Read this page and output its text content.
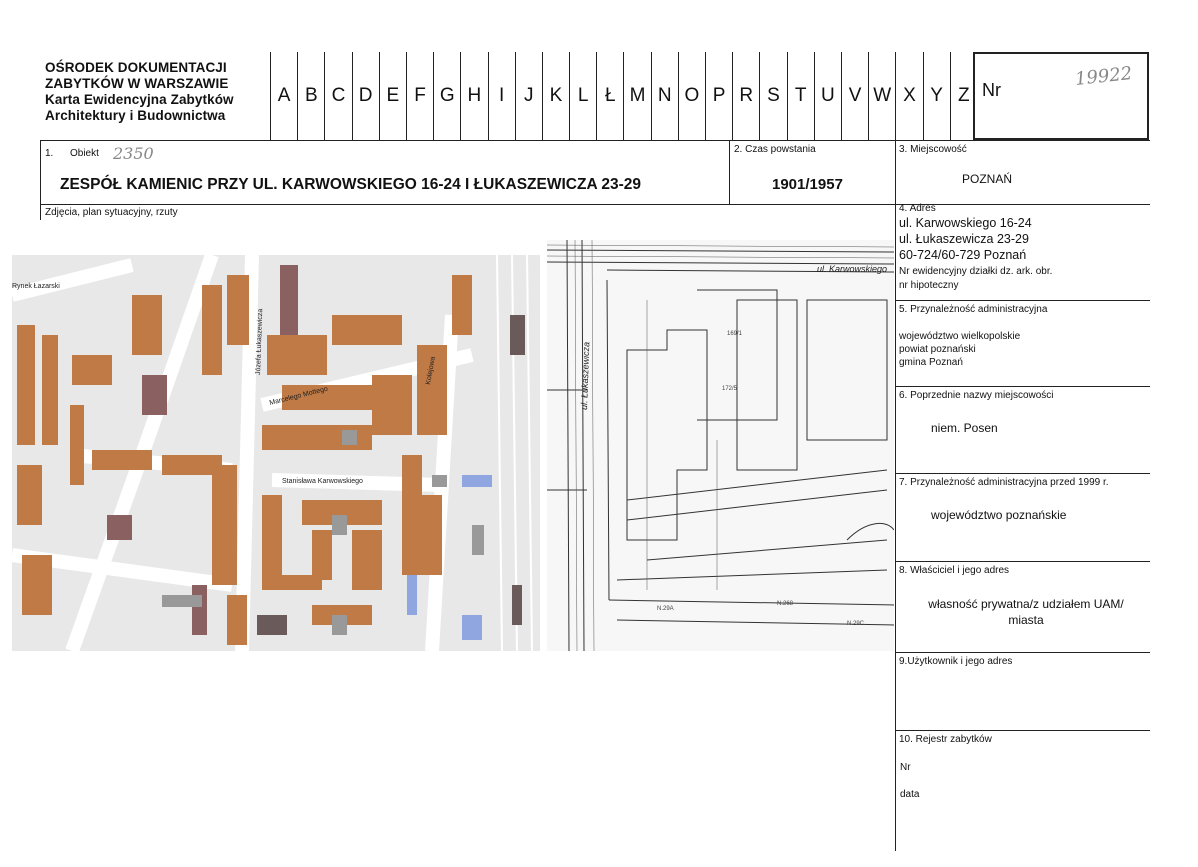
OŚRODEK DOKUMENTACJI
ZABYTKÓW W WARSZAWIE
Karta Ewidencyjna Zabytków
Architektury i Budownictwa
A B C D E F G H I	J K L Ł M N O P R S T U V W X Y Z Nr
19922
1. Obiekt 2350
ZESPÓŁ KAMIENIC PRZY UL. KARWOWSKIEGO 16-24 I ŁUKASZEWICZA 23-29
2. Czas powstania
1901/1957
3. Miejscowość
POZNAŃ
Zdjęcia, plan sytuacyjny, rzuty
Rynek Łazarski
Józefa Łukaszewicza
Marcelego Mottego
Stanisława Karwowskiego
Kolejowa
ul. Karwowskiego
ul. Łukaszewicza
169/1
172/5
N.268
N.29A
N.29C
4. Adres
ul. Karwowskiego 16-24
ul. Łukaszewicza 23-29
60-724/60-729 Poznań
Nr ewidencyjny działki dz. ark. obr.
nr hipoteczny
5. Przynależność administracyjna
województwo wielkopolskie
powiat poznański
gmina Poznań
6. Poprzednie nazwy miejscowości
niem. Posen
7. Przynależność administracyjna przed 1999 r.
województwo poznańskie
8. Właściciel i jego adres
własność prywatna/z udziałem UAM/
miasta
9.Użytkownik i jego adres
10. Rejestr zabytków
Nr
data
